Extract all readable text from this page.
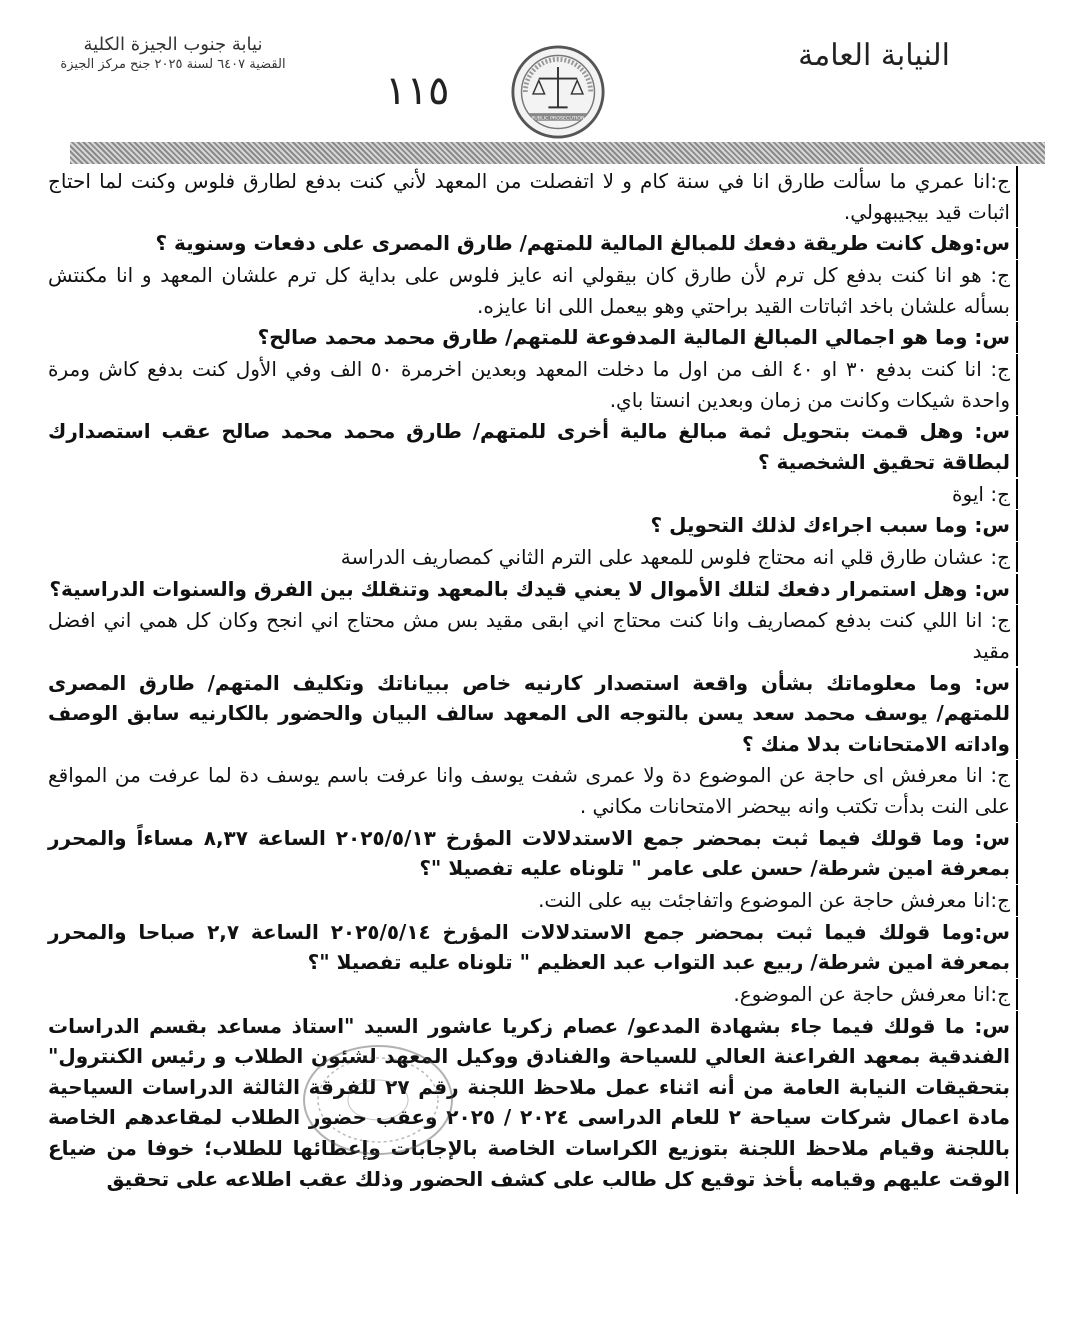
النيابة العامة
نيابة جنوب الجيزة الكلية
القضية ٦٤٠٧ لسنة ٢٠٢٥ جنح مركز الجيزة
١١٥
PUBLIC PROSECUTION
ج:انا عمري ما سألت طارق انا في سنة كام و لا اتفصلت من المعهد لأني كنت بدفع لطارق فلوس وكنت لما احتاج اثبات قيد بيجيبهولي.
س:وهل كانت طريقة دفعك للمبالغ المالية للمتهم/ طارق المصرى على دفعات وسنوية ؟
ج: هو انا كنت بدفع كل ترم لأن طارق كان بيقولي انه عايز فلوس على بداية كل ترم علشان المعهد و انا مكنتش بسأله علشان باخد اثباتات القيد براحتي وهو بيعمل اللى انا عايزه.
س: وما هو اجمالي المبالغ المالية المدفوعة للمتهم/ طارق محمد محمد صالح؟
ج: انا كنت بدفع ٣٠ او ٤٠ الف من اول ما دخلت المعهد وبعدين اخرمرة ٥٠ الف وفي الأول كنت بدفع كاش ومرة واحدة شيكات وكانت من زمان وبعدين انستا باي.
س: وهل قمت بتحويل ثمة مبالغ مالية أخرى للمتهم/ طارق محمد محمد صالح عقب استصدارك لبطاقة تحقيق الشخصية ؟
ج: ايوة
س: وما سبب اجراءك لذلك التحويل ؟
ج: عشان طارق قلي انه محتاج فلوس للمعهد على الترم الثاني كمصاريف الدراسة
س: وهل استمرار دفعك لتلك الأموال لا يعني قيدك بالمعهد وتنقلك بين الفرق والسنوات الدراسية؟
ج: انا اللي كنت بدفع كمصاريف وانا كنت محتاج اني ابقى مقيد بس مش محتاج اني انجح وكان كل همي اني افضل مقيد
س: وما معلوماتك بشأن واقعة استصدار كارنيه خاص ببياناتك وتكليف المتهم/ طارق المصرى للمتهم/ يوسف محمد سعد يسن بالتوجه الى المعهد سالف البيان والحضور بالكارنيه سابق الوصف واداته الامتحانات بدلا منك ؟
ج: انا معرفش اى حاجة عن الموضوع دة ولا عمرى شفت يوسف وانا عرفت باسم يوسف دة لما عرفت من المواقع على النت بدأت تكتب وانه بيحضر الامتحانات مكاني .
س: وما قولك فيما ثبت بمحضر جمع الاستدلالات المؤرخ ٢٠٢٥/٥/١٣ الساعة ٨,٣٧ مساءاً والمحرر بمعرفة امين شرطة/ حسن على عامر " تلوناه عليه تفصيلا "؟
ج:انا معرفش حاجة عن الموضوع واتفاجئت بيه على النت.
س:وما قولك فيما ثبت بمحضر جمع الاستدلالات المؤرخ ٢٠٢٥/٥/١٤ الساعة ٢,٧ صباحا والمحرر بمعرفة امين شرطة/ ربيع عبد التواب عبد العظيم " تلوناه عليه تفصيلا "؟
ج:انا معرفش حاجة عن الموضوع.
س: ما قولك فيما جاء بشهادة المدعو/ عصام زكريا عاشور السيد "استاذ مساعد بقسم الدراسات الفندقية بمعهد الفراعنة العالي للسياحة والفنادق ووكيل المعهد لشئون الطلاب و رئيس الكنترول" بتحقيقات النيابة العامة من أنه اثناء عمل ملاحظ اللجنة رقم ٢٧ للفرقة الثالثة الدراسات السياحية مادة اعمال شركات سياحة ٢ للعام الدراسى ٢٠٢٤ / ٢٠٢٥ وعقب حضور الطلاب لمقاعدهم الخاصة باللجنة وقيام ملاحظ اللجنة بتوزيع الكراسات الخاصة بالإجابات وإعطائها للطلاب؛ خوفا من ضياع الوقت عليهم وقيامه بأخذ توقيع كل طالب على كشف الحضور وذلك عقب اطلاعه على تحقيق
